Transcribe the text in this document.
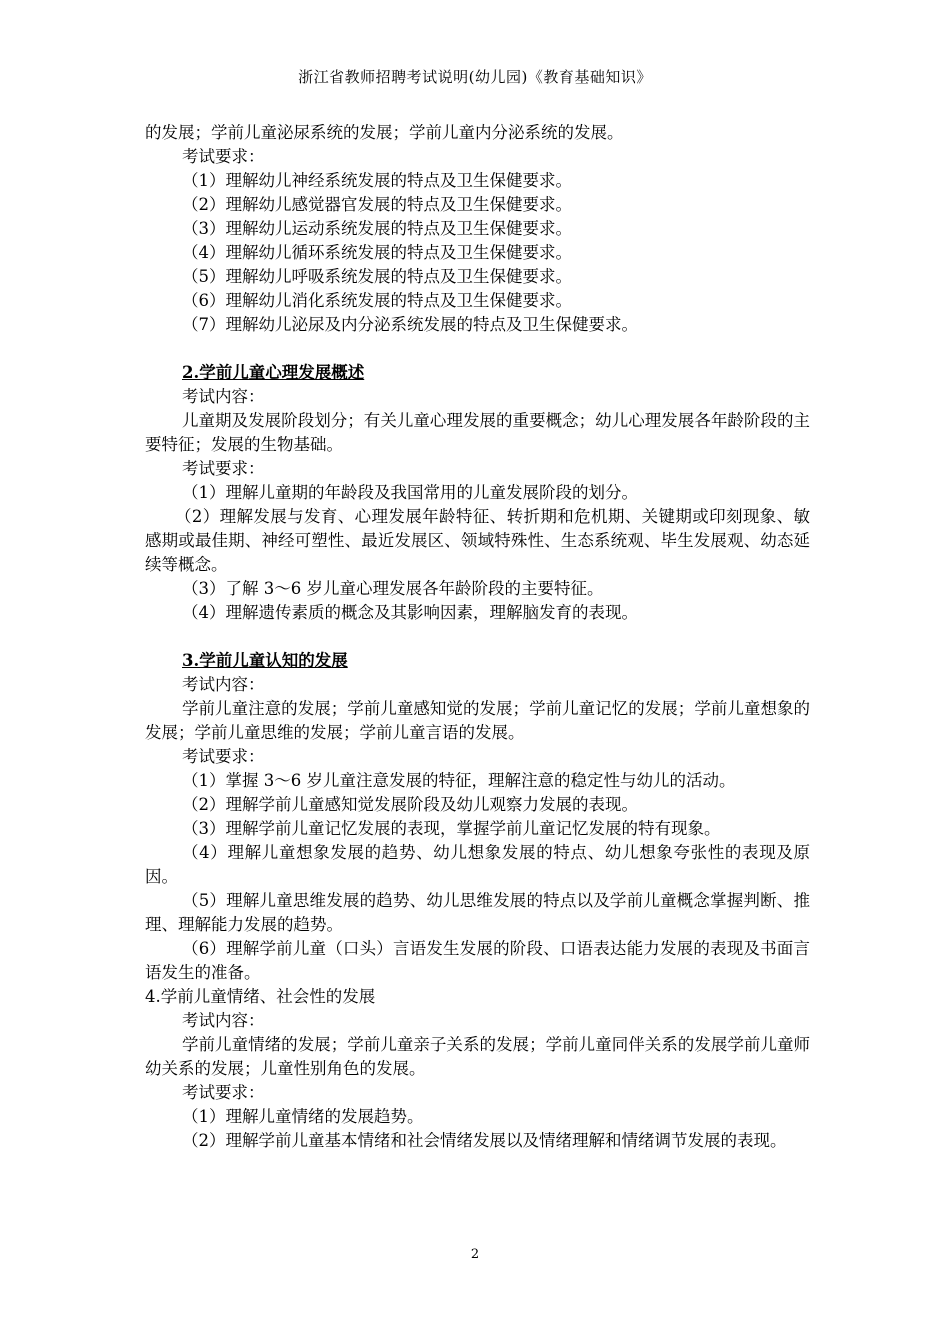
浙江省教师招聘考试说明(幼儿园)《教育基础知识》
的发展；学前儿童泌尿系统的发展；学前儿童内分泌系统的发展。
考试要求：
（1）理解幼儿神经系统发展的特点及卫生保健要求。
（2）理解幼儿感觉器官发展的特点及卫生保健要求。
（3）理解幼儿运动系统发展的特点及卫生保健要求。
（4）理解幼儿循环系统发展的特点及卫生保健要求。
（5）理解幼儿呼吸系统发展的特点及卫生保健要求。
（6）理解幼儿消化系统发展的特点及卫生保健要求。
（7）理解幼儿泌尿及内分泌系统发展的特点及卫生保健要求。
2.学前儿童心理发展概述
考试内容：
儿童期及发展阶段划分；有关儿童心理发展的重要概念；幼儿心理发展各年龄阶段的主要特征；发展的生物基础。
考试要求：
（1）理解儿童期的年龄段及我国常用的儿童发展阶段的划分。
（2）理解发展与发育、心理发展年龄特征、转折期和危机期、关键期或印刻现象、敏感期或最佳期、神经可塑性、最近发展区、领域特殊性、生态系统观、毕生发展观、幼态延续等概念。
（3）了解 3～6 岁儿童心理发展各年龄阶段的主要特征。
（4）理解遗传素质的概念及其影响因素，理解脑发育的表现。
3.学前儿童认知的发展
考试内容：
学前儿童注意的发展；学前儿童感知觉的发展；学前儿童记忆的发展；学前儿童想象的发展；学前儿童思维的发展；学前儿童言语的发展。
考试要求：
（1）掌握 3～6 岁儿童注意发展的特征，理解注意的稳定性与幼儿的活动。
（2）理解学前儿童感知觉发展阶段及幼儿观察力发展的表现。
（3）理解学前儿童记忆发展的表现，掌握学前儿童记忆发展的特有现象。
（4）理解儿童想象发展的趋势、幼儿想象发展的特点、幼儿想象夸张性的表现及原因。
（5）理解儿童思维发展的趋势、幼儿思维发展的特点以及学前儿童概念掌握判断、推理、理解能力发展的趋势。
（6）理解学前儿童（口头）言语发生发展的阶段、口语表达能力发展的表现及书面言语发生的准备。
4.学前儿童情绪、社会性的发展
考试内容：
学前儿童情绪的发展；学前儿童亲子关系的发展；学前儿童同伴关系的发展学前儿童师幼关系的发展；儿童性别角色的发展。
考试要求：
（1）理解儿童情绪的发展趋势。
（2）理解学前儿童基本情绪和社会情绪发展以及情绪理解和情绪调节发展的表现。
2
